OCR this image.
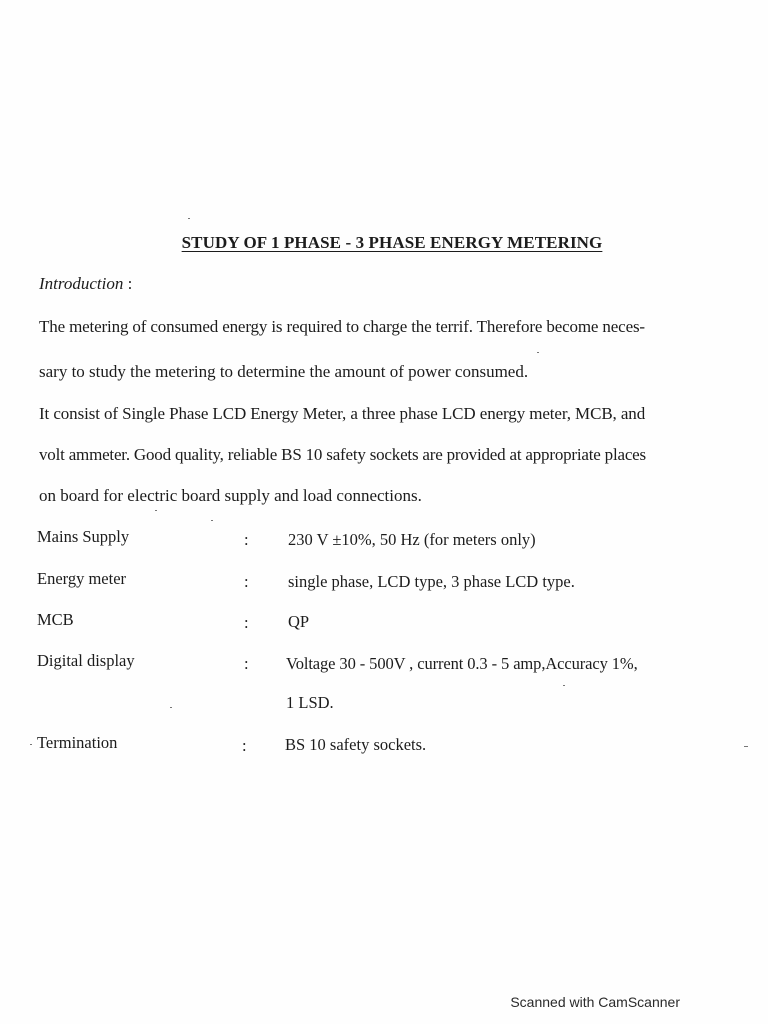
STUDY OF 1 PHASE - 3 PHASE ENERGY METERING
Introduction :
The metering of consumed energy is required to charge the terrif. Therefore become neces-
sary to study the metering to determine the amount of power consumed.
It consist of Single Phase LCD Energy Meter, a three phase LCD energy meter, MCB, and
volt ammeter. Good quality, reliable BS 10 safety sockets are provided at appropriate places
on board for electric board supply and load connections.
Mains Supply	: 230 V ±10%, 50 Hz (for meters only)
Energy meter	: single phase, LCD type, 3 phase LCD type.
MCB	: QP
Digital display	: Voltage 30 - 500V , current 0.3 - 5 amp,Accuracy 1%,
1 LSD.
Termination	: BS 10 safety sockets.
Scanned with CamScanner
